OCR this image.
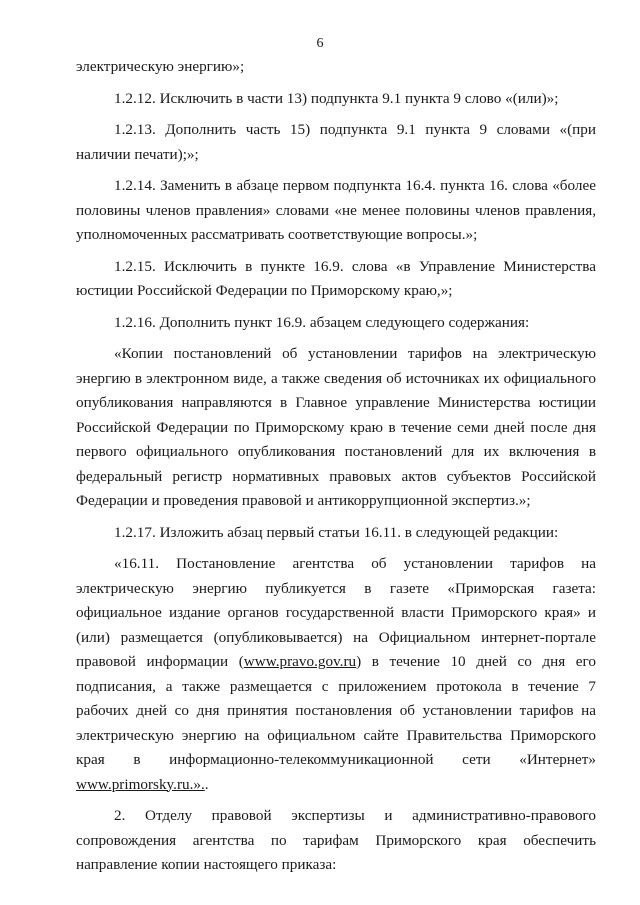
6

электрическую энергию»;

1.2.12. Исключить в части 13) подпункта 9.1 пункта 9 слово «(или)»;

1.2.13. Дополнить часть 15) подпункта 9.1 пункта 9 словами «(при наличии печати);»;

1.2.14. Заменить в абзаце первом подпункта 16.4. пункта 16. слова «более половины членов правления» словами «не менее половины членов правления, уполномоченных рассматривать соответствующие вопросы.»;

1.2.15. Исключить в пункте 16.9. слова «в Управление Министерства юстиции Российской Федерации по Приморскому краю,»;

1.2.16. Дополнить пункт 16.9. абзацем следующего содержания:

«Копии постановлений об установлении тарифов на электрическую энергию в электронном виде, а также сведения об источниках их официального опубликования направляются в Главное управление Министерства юстиции Российской Федерации по Приморскому краю в течение семи дней после дня первого официального опубликования постановлений для их включения в федеральный регистр нормативных правовых актов субъектов Российской Федерации и проведения правовой и антикоррупционной экспертиз.»;

1.2.17. Изложить абзац первый статьи 16.11. в следующей редакции:

«16.11. Постановление агентства об установлении тарифов на электрическую энергию публикуется в газете «Приморская газета: официальное издание органов государственной власти Приморского края» и (или) размещается (опубликовывается) на Официальном интернет-портале правовой информации (www.pravo.gov.ru) в течение 10 дней со дня его подписания, а также размещается с приложением протокола в течение 7 рабочих дней со дня принятия постановления об установлении тарифов на электрическую энергию на официальном сайте Правительства Приморского края в информационно-телекоммуникационной сети «Интернет» www.primorsky.ru.»..

2. Отделу правовой экспертизы и административно-правового сопровождения агентства по тарифам Приморского края обеспечить направление копии настоящего приказа:
